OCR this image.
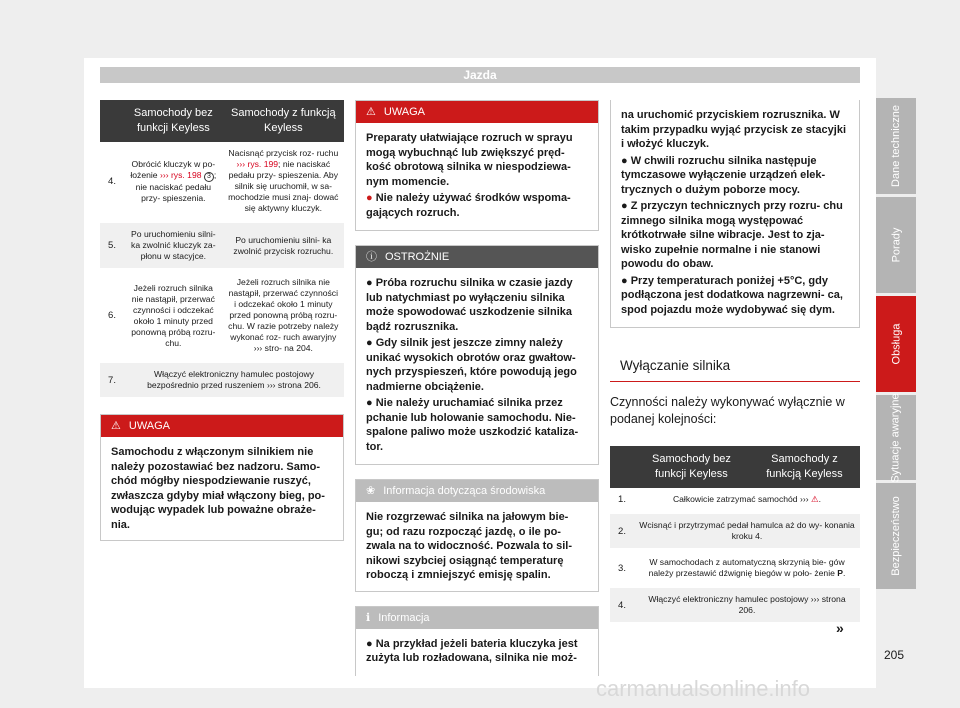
Jazda
	Samochody bez funkcji Keyless	Samochody z funkcją Keyless
4.	Obrócić kluczyk w po- łożenie ››› rys. 198 3 ; nie naciskać pedału przy- spieszenia.	Nacisnąć przycisk roz- ruchu ››› rys. 199; nie naciskać pedału przy- spieszenia. Aby silnik się uruchomił, w sa- mochodzie musi znaj- dować się aktywny kluczyk.
5.	Po uruchomieniu silni- ka zwolnić kluczyk za- płonu w stacyjce.	Po uruchomieniu silni- ka zwolnić przycisk rozruchu.
6.	Jeżeli rozruch silnika nie nastąpił, przerwać czynności i odczekać około 1 minuty przed ponowną próbą rozru- chu.	Jeżeli rozruch silnika nie nastąpił, przerwać czynności i odczekać około 1 minuty przed ponowną próbą rozru- chu. W razie potrzeby należy wykonać roz- ruch awaryjny ››› stro- na 204.
7.	Włączyć elektroniczny hamulec postojowy bezpośrednio przed ruszeniem ››› strona 206.	
⚠ UWAGA
Samochodu z włączonym silnikiem nie należy pozostawiać bez nadzoru. Samo- chód mógłby niespodziewanie ruszyć, zwłaszcza gdyby miał włączony bieg, po- wodując wypadek lub poważne obraże- nia.
⚠ UWAGA

Preparaty ułatwiające rozruch w sprayu mogą wybuchnąć lub zwiększyć pręd- kość obrotową silnika w niespodziewa- nym momencie.

● Nie należy używać środków wspoma- gających rozruch.

ⓘ OSTROŻNIE

● Próba rozruchu silnika w czasie jazdy lub natychmiast po wyłączeniu silnika może spowodować uszkodzenie silnika bądź rozrusznika.

● Gdy silnik jest jeszcze zimny należy unikać wysokich obrotów oraz gwałtow- nych przyspieszeń, które powodują jego nadmierne obciążenie.

● Nie należy uruchamiać silnika przez pchanie lub holowanie samochodu. Nie- spalone paliwo może uszkodzić kataliza- tor.

❀ Informacja dotycząca środowiska
Nie rozgrzewać silnika na jałowym bie- gu; od razu rozpocząć jazdę, o ile po- zwala na to widoczność. Pozwala to sil- nikowi szybciej osiągnąć temperaturę roboczą i zmniejszyć emisję spalin.
ℹ Informacja

● Na przykład jeżeli bateria kluczyka jest zużyta lub rozładowana, silnika nie moż-

na uruchomić przyciskiem rozrusznika. W takim przypadku wyjąć przycisk ze stacyjki i włożyć kluczyk.

● W chwili rozruchu silnika następuje tymczasowe wyłączenie urządzeń elek- trycznych o dużym poborze mocy.

● Z przyczyn technicznych przy rozru- chu zimnego silnika mogą występować krótkotrwałe silne wibracje. Jest to zja- wisko zupełnie normalne i nie stanowi powodu do obaw.

● Przy temperaturach poniżej +5°C, gdy podłączona jest dodatkowa nagrzewni- ca, spod pojazdu może wydobywać się dym.

Wyłączanie silnika
Czynności należy wykonywać wyłącznie w podanej kolejności:
	Samochody bez funkcji Keyless	Samochody z funkcją Keyless
1.	Całkowicie zatrzymać samochód ››› ⚠.	
2.	Wcisnąć i przytrzymać pedał hamulca aż do wy- konania kroku 4.	
3.	W samochodach z automatyczną skrzynią bie- gów należy przestawić dźwignię biegów w poło- żenie P.	
4.	Włączyć elektroniczny hamulec postojowy ››› strona 206.	
Dane techniczne
Porady
Obsługa
Sytuacje awaryjne
Bezpieczeństwo
»
205
carmanualsonline.info
